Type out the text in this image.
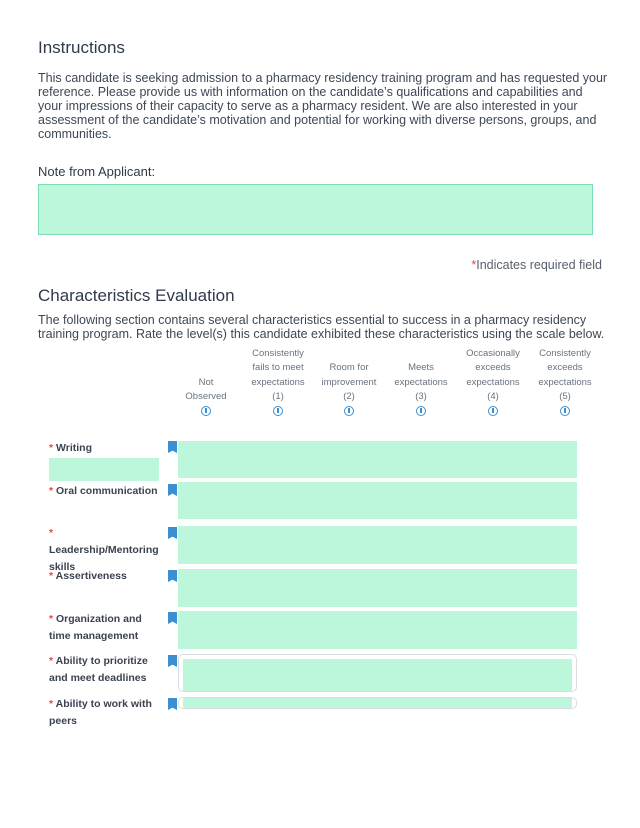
Instructions
This candidate is seeking admission to a pharmacy residency training program and has requested your reference. Please provide us with information on the candidate’s qualifications and capabilities and your impressions of their capacity to serve as a pharmacy resident. We are also interested in your assessment of the candidate’s motivation and potential for working with diverse persons, groups, and communities.
Note from Applicant:
*Indicates required field
Characteristics Evaluation
The following section contains several characteristics essential to success in a pharmacy residency training program. Rate the level(s) this candidate exhibited these characteristics using the scale below.
Not
Observed
Consistently
fails to meet
expectations
(1)
Room for
improvement
(2)
Meets
expectations
(3)
Occasionally
exceeds
expectations
(4)
Consistently
exceeds
expectations
(5)
* Writing
* Oral communication
* Leadership/Mentoring skills
* Assertiveness
* Organization and time management
* Ability to prioritize and meet deadlines
* Ability to work with peers
